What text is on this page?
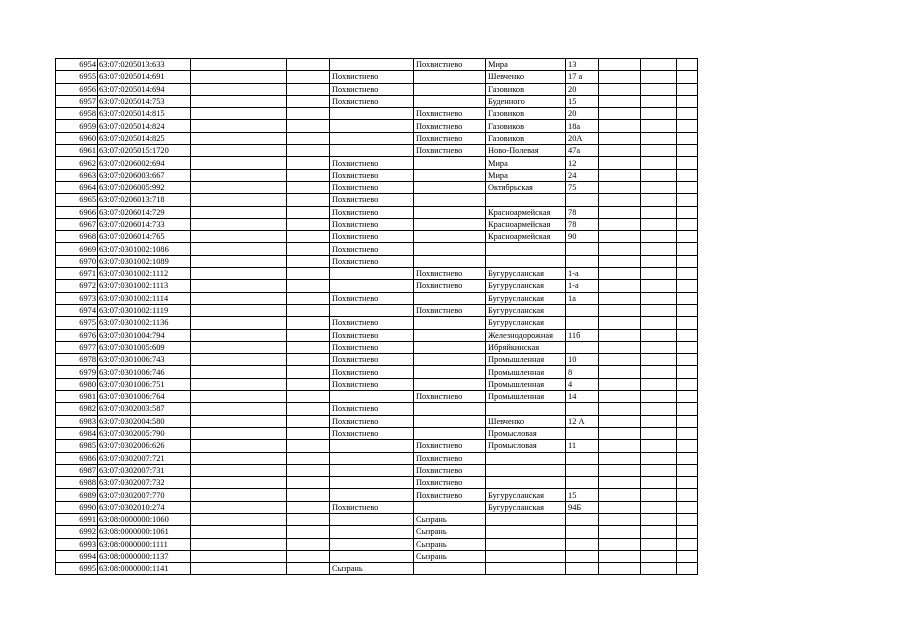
6954	63:07:0205013:633				Похвистнево	Мира	13			
6955	63:07:0205014:691			Похвистнево		Шевченко	17 а			
6956	63:07:0205014:694			Похвистнево		Газовиков	20			
6957	63:07:0205014:753			Похвистнево		Буденного	15			
6958	63:07:0205014:815				Похвистнево	Газовиков	20			
6959	63:07:0205014:824				Похвистнево	Газовиков	18а			
6960	63:07:0205014:825				Похвистнево	Газовиков	20А			
6961	63:07:0205015:1720				Похвистнево	Ново-Полевая	47а			
6962	63:07:0206002:694			Похвистнево		Мира	12			
6963	63:07:0206003:667			Похвистнево		Мира	24			
6964	63:07:0206005:992			Похвистнево		Октябрьская	75			
6965	63:07:0206013:718			Похвистнево						
6966	63:07:0206014:729			Похвистнево		Красноармейская	78			
6967	63:07:0206014:733			Похвистнево		Красноармейская	78			
6968	63:07:0206014:765			Похвистнево		Красноармейская	90			
6969	63:07:0301002:1086			Похвистнево						
6970	63:07:0301002:1089			Похвистнево						
6971	63:07:0301002:1112				Похвистнево	Бугурусланская	1-а			
6972	63:07:0301002:1113				Похвистнево	Бугурусланская	1-а			
6973	63:07:0301002:1114			Похвистнево		Бугурусланская	1а			
6974	63:07:0301002:1119				Похвистнево	Бугурусланская				
6975	63:07:0301002:1136			Похвистнево		Бугурусланская				
6976	63:07:0301004:794			Похвистнево		Железнодорожная	11б			
6977	63:07:0301005:609			Похвистнево		Ибряйкинская				
6978	63:07:0301006:743			Похвистнево		Промышленная	10			
6979	63:07:0301006:746			Похвистнево		Промышленная	8			
6980	63:07:0301006:751			Похвистнево		Промышленная	4			
6981	63:07:0301006:764				Похвистнево	Промышленная	14			
6982	63:07:0302003:587			Похвистнево						
6983	63:07:0302004:580			Похвистнево		Шевченко	12 А			
6984	63:07:0302005:790			Похвистнево		Промысловая				
6985	63:07:0302006:626				Похвистнево	Промысловая	11			
6986	63:07:0302007:721				Похвистнево					
6987	63:07:0302007:731				Похвистнево					
6988	63:07:0302007:732				Похвистнево					
6989	63:07:0302007:770				Похвистнево	Бугурусланская	15			
6990	63:07:0302010:274			Похвистнево		Бугурусланская	94Б			
6991	63:08:0000000:1060				Сызрань					
6992	63:08:0000000:1061				Сызрань					
6993	63:08:0000000:1111				Сызрань					
6994	63:08:0000000:1137				Сызрань					
6995	63:08:0000000:1141			Сызрань						
